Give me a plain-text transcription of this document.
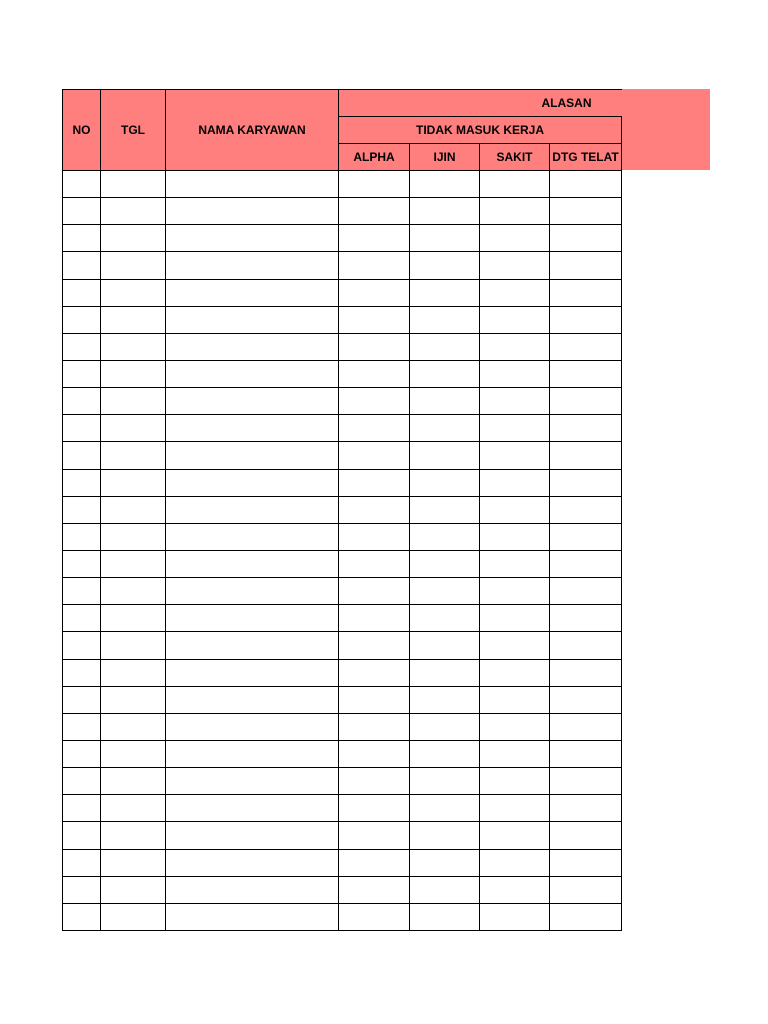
NO	TGL	NAMA KARYAWAN	ALASAN			
			TIDAK MASUK KERJA			
			ALPHA	IJIN	SAKIT	DTG TELAT
